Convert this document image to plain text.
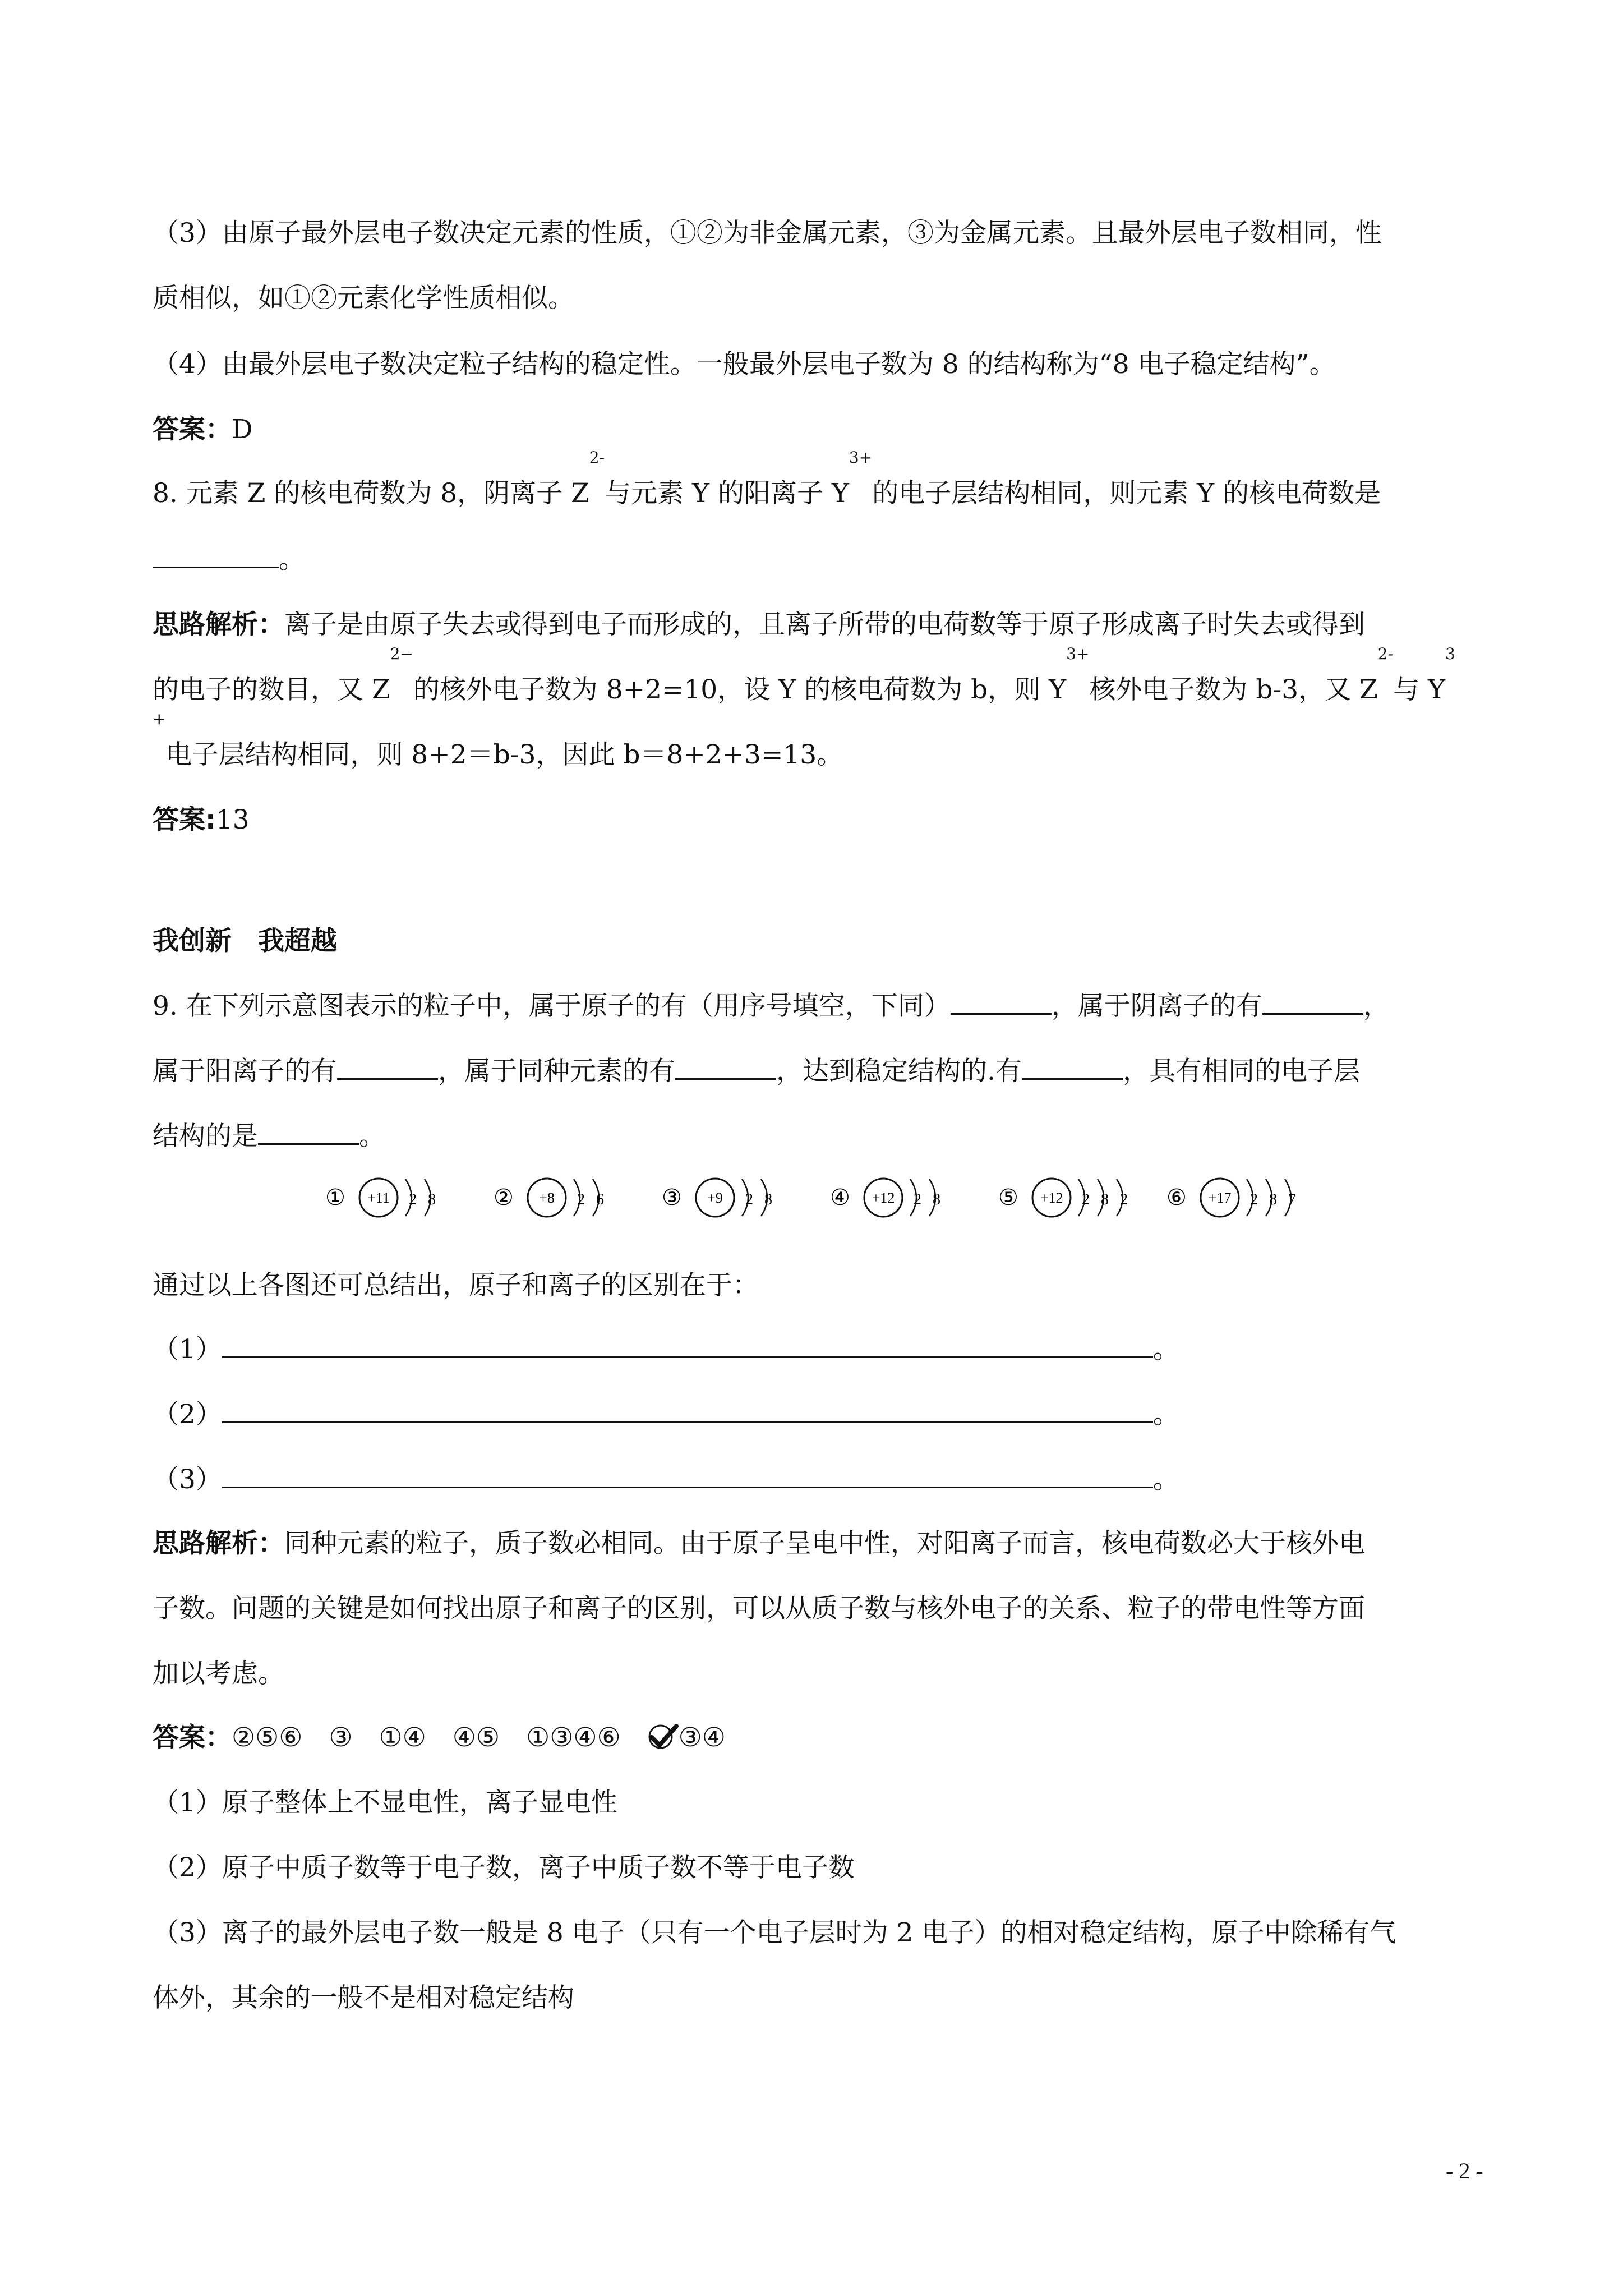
（3）由原子最外层电子数决定元素的性质，①②为非金属元素，③为金属元素。且最外层电子数相同，性
质相似，如①②元素化学性质相似。
（4）由最外层电子数决定粒子结构的稳定性。一般最外层电子数为 8 的结构称为“8 电子稳定结构”。
答案：D
8. 元素 Z 的核电荷数为 8，阴离子 $Z^{2-}$与元素 Y 的阳离子 $Y^{3+}$的电子层结构相同，则元素 Y 的核电荷数是
。
思路解析：离子是由原子失去或得到电子而形成的，且离子所带的电荷数等于原子形成离子时失去或得到
的电子的数目，又 $Z^{2-}$的核外电子数为 8+2=10，设 Y 的核电荷数为 b，则 $Y^{3+}$核外电子数为 b-3，又 $Z^{2-}$与 $Y^3$
+电子层结构相同，则 8+2＝b-3，因此 b＝8+2+3=13。
答案:13
我创新　我超越
9. 在下列示意图表示的粒子中，属于原子的有（用序号填空，下同）	，属于阴离子的有	，
属于阳离子的有	，属于同种元素的有	，达到稳定结构的.有	，具有相同的电子层
结构的是	。
① +11 2 8	② +8 2 6	③ +9 2 8	④ +12 2 8	⑤ +12 2 8 2 ⑥ +17 2 8 7
通过以上各图还可总结出，原子和离子的区别在于：
（1）	。
（2）	。
（3）	。
思路解析：同种元素的粒子，质子数必相同。由于原子呈电中性，对阳离子而言，核电荷数必大于核外电
子数。问题的关键是如何找出原子和离子的区别，可以从质子数与核外电子的关系、粒子的带电性等方面
加以考虑。
答案：②⑤⑥　③　①④　④⑤　①③④⑥　③④
（1）原子整体上不显电性，离子显电性
（2）原子中质子数等于电子数，离子中质子数不等于电子数
（3）离子的最外层电子数一般是 8 电子（只有一个电子层时为 2 电子）的相对稳定结构，原子中除稀有气
体外，其余的一般不是相对稳定结构
- 2 -
